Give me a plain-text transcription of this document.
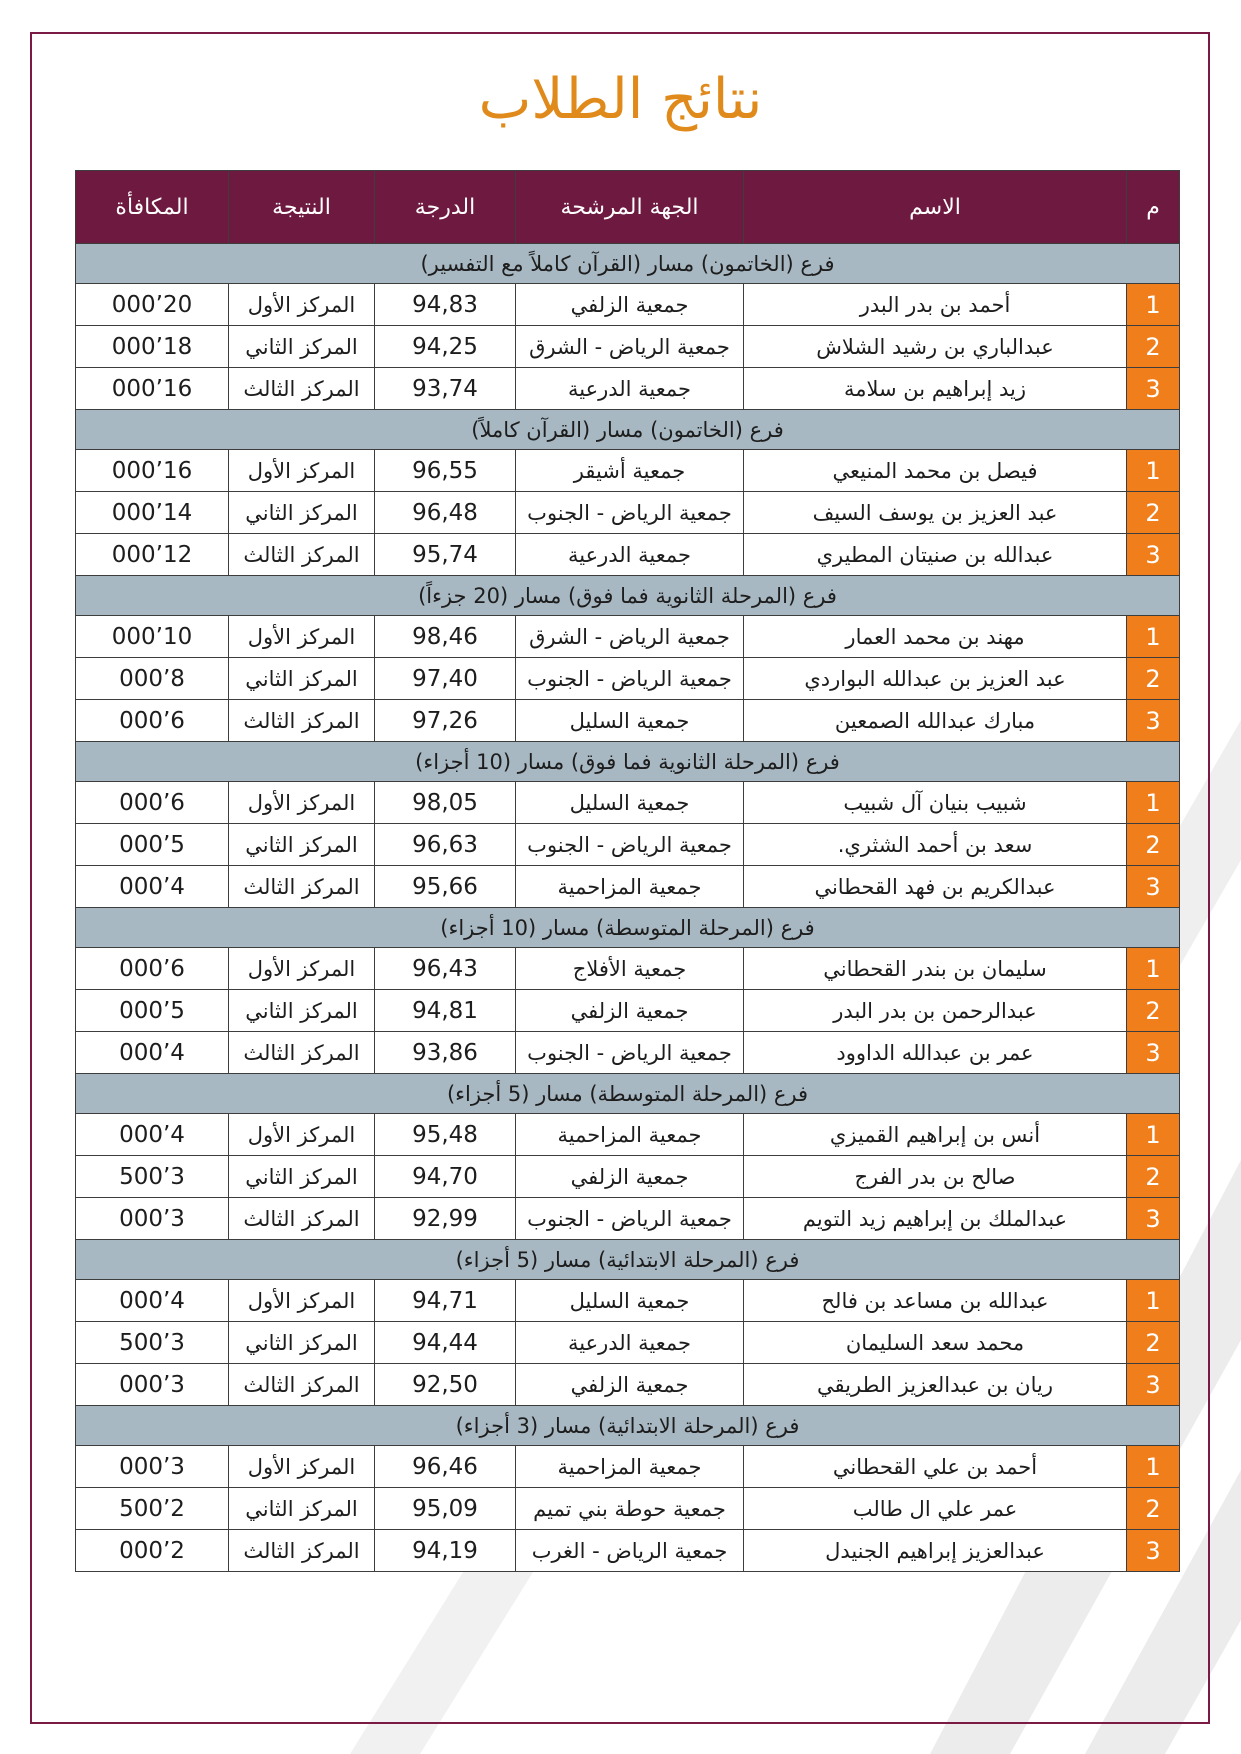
نتائج الطلاب
م	الاسم	الجهة المرشحة	الدرجة	النتيجة	المكافأة
فرع (الخاتمون) مسار (القرآن كاملاً مع التفسير)					
1	أحمد بن بدر البدر	جمعية الزلفي	94,83	المركز الأول	20’000
2	عبدالباري بن رشيد الشلاش	جمعية الرياض - الشرق	94,25	المركز الثاني	18’000
3	زيد إبراهيم بن سلامة	جمعية الدرعية	93,74	المركز الثالث	16’000
فرع (الخاتمون) مسار (القرآن كاملاً)					
1	فيصل بن محمد المنيعي	جمعية أشيقر	96,55	المركز الأول	16’000
2	عبد العزيز بن يوسف السيف	جمعية الرياض - الجنوب	96,48	المركز الثاني	14’000
3	عبدالله بن صنيتان المطيري	جمعية الدرعية	95,74	المركز الثالث	12’000
فرع (المرحلة الثانوية فما فوق) مسار (20 جزءاً)					
1	مهند بن محمد العمار	جمعية الرياض - الشرق	98,46	المركز الأول	10’000
2	عبد العزيز بن عبدالله البواردي	جمعية الرياض - الجنوب	97,40	المركز الثاني	8’000
3	مبارك عبدالله الصمعين	جمعية السليل	97,26	المركز الثالث	6’000
فرع (المرحلة الثانوية فما فوق) مسار (10 أجزاء)					
1	شبيب بنيان آل شبيب	جمعية السليل	98,05	المركز الأول	6’000
2	سعد بن أحمد الشثري.	جمعية الرياض - الجنوب	96,63	المركز الثاني	5’000
3	عبدالكريم بن فهد القحطاني	جمعية المزاحمية	95,66	المركز الثالث	4’000
فرع (المرحلة المتوسطة) مسار (10 أجزاء)					
1	سليمان بن بندر القحطاني	جمعية الأفلاج	96,43	المركز الأول	6’000
2	عبدالرحمن بن بدر البدر	جمعية الزلفي	94,81	المركز الثاني	5’000
3	عمر بن عبدالله الداوود	جمعية الرياض - الجنوب	93,86	المركز الثالث	4’000
فرع (المرحلة المتوسطة) مسار (5 أجزاء)					
1	أنس بن إبراهيم القميزي	جمعية المزاحمية	95,48	المركز الأول	4’000
2	صالح بن بدر الفرج	جمعية الزلفي	94,70	المركز الثاني	3’500
3	عبدالملك بن إبراهيم زيد التويم	جمعية الرياض - الجنوب	92,99	المركز الثالث	3’000
فرع (المرحلة الابتدائية) مسار (5 أجزاء)					
1	عبدالله بن مساعد بن فالح	جمعية السليل	94,71	المركز الأول	4’000
2	محمد سعد السليمان	جمعية الدرعية	94,44	المركز الثاني	3’500
3	ريان بن عبدالعزيز الطريقي	جمعية الزلفي	92,50	المركز الثالث	3’000
فرع (المرحلة الابتدائية) مسار (3 أجزاء)					
1	أحمد بن علي القحطاني	جمعية المزاحمية	96,46	المركز الأول	3’000
2	عمر علي ال طالب	جمعية حوطة بني تميم	95,09	المركز الثاني	2’500
3	عبدالعزيز إبراهيم الجنيدل	جمعية الرياض - الغرب	94,19	المركز الثالث	2’000
